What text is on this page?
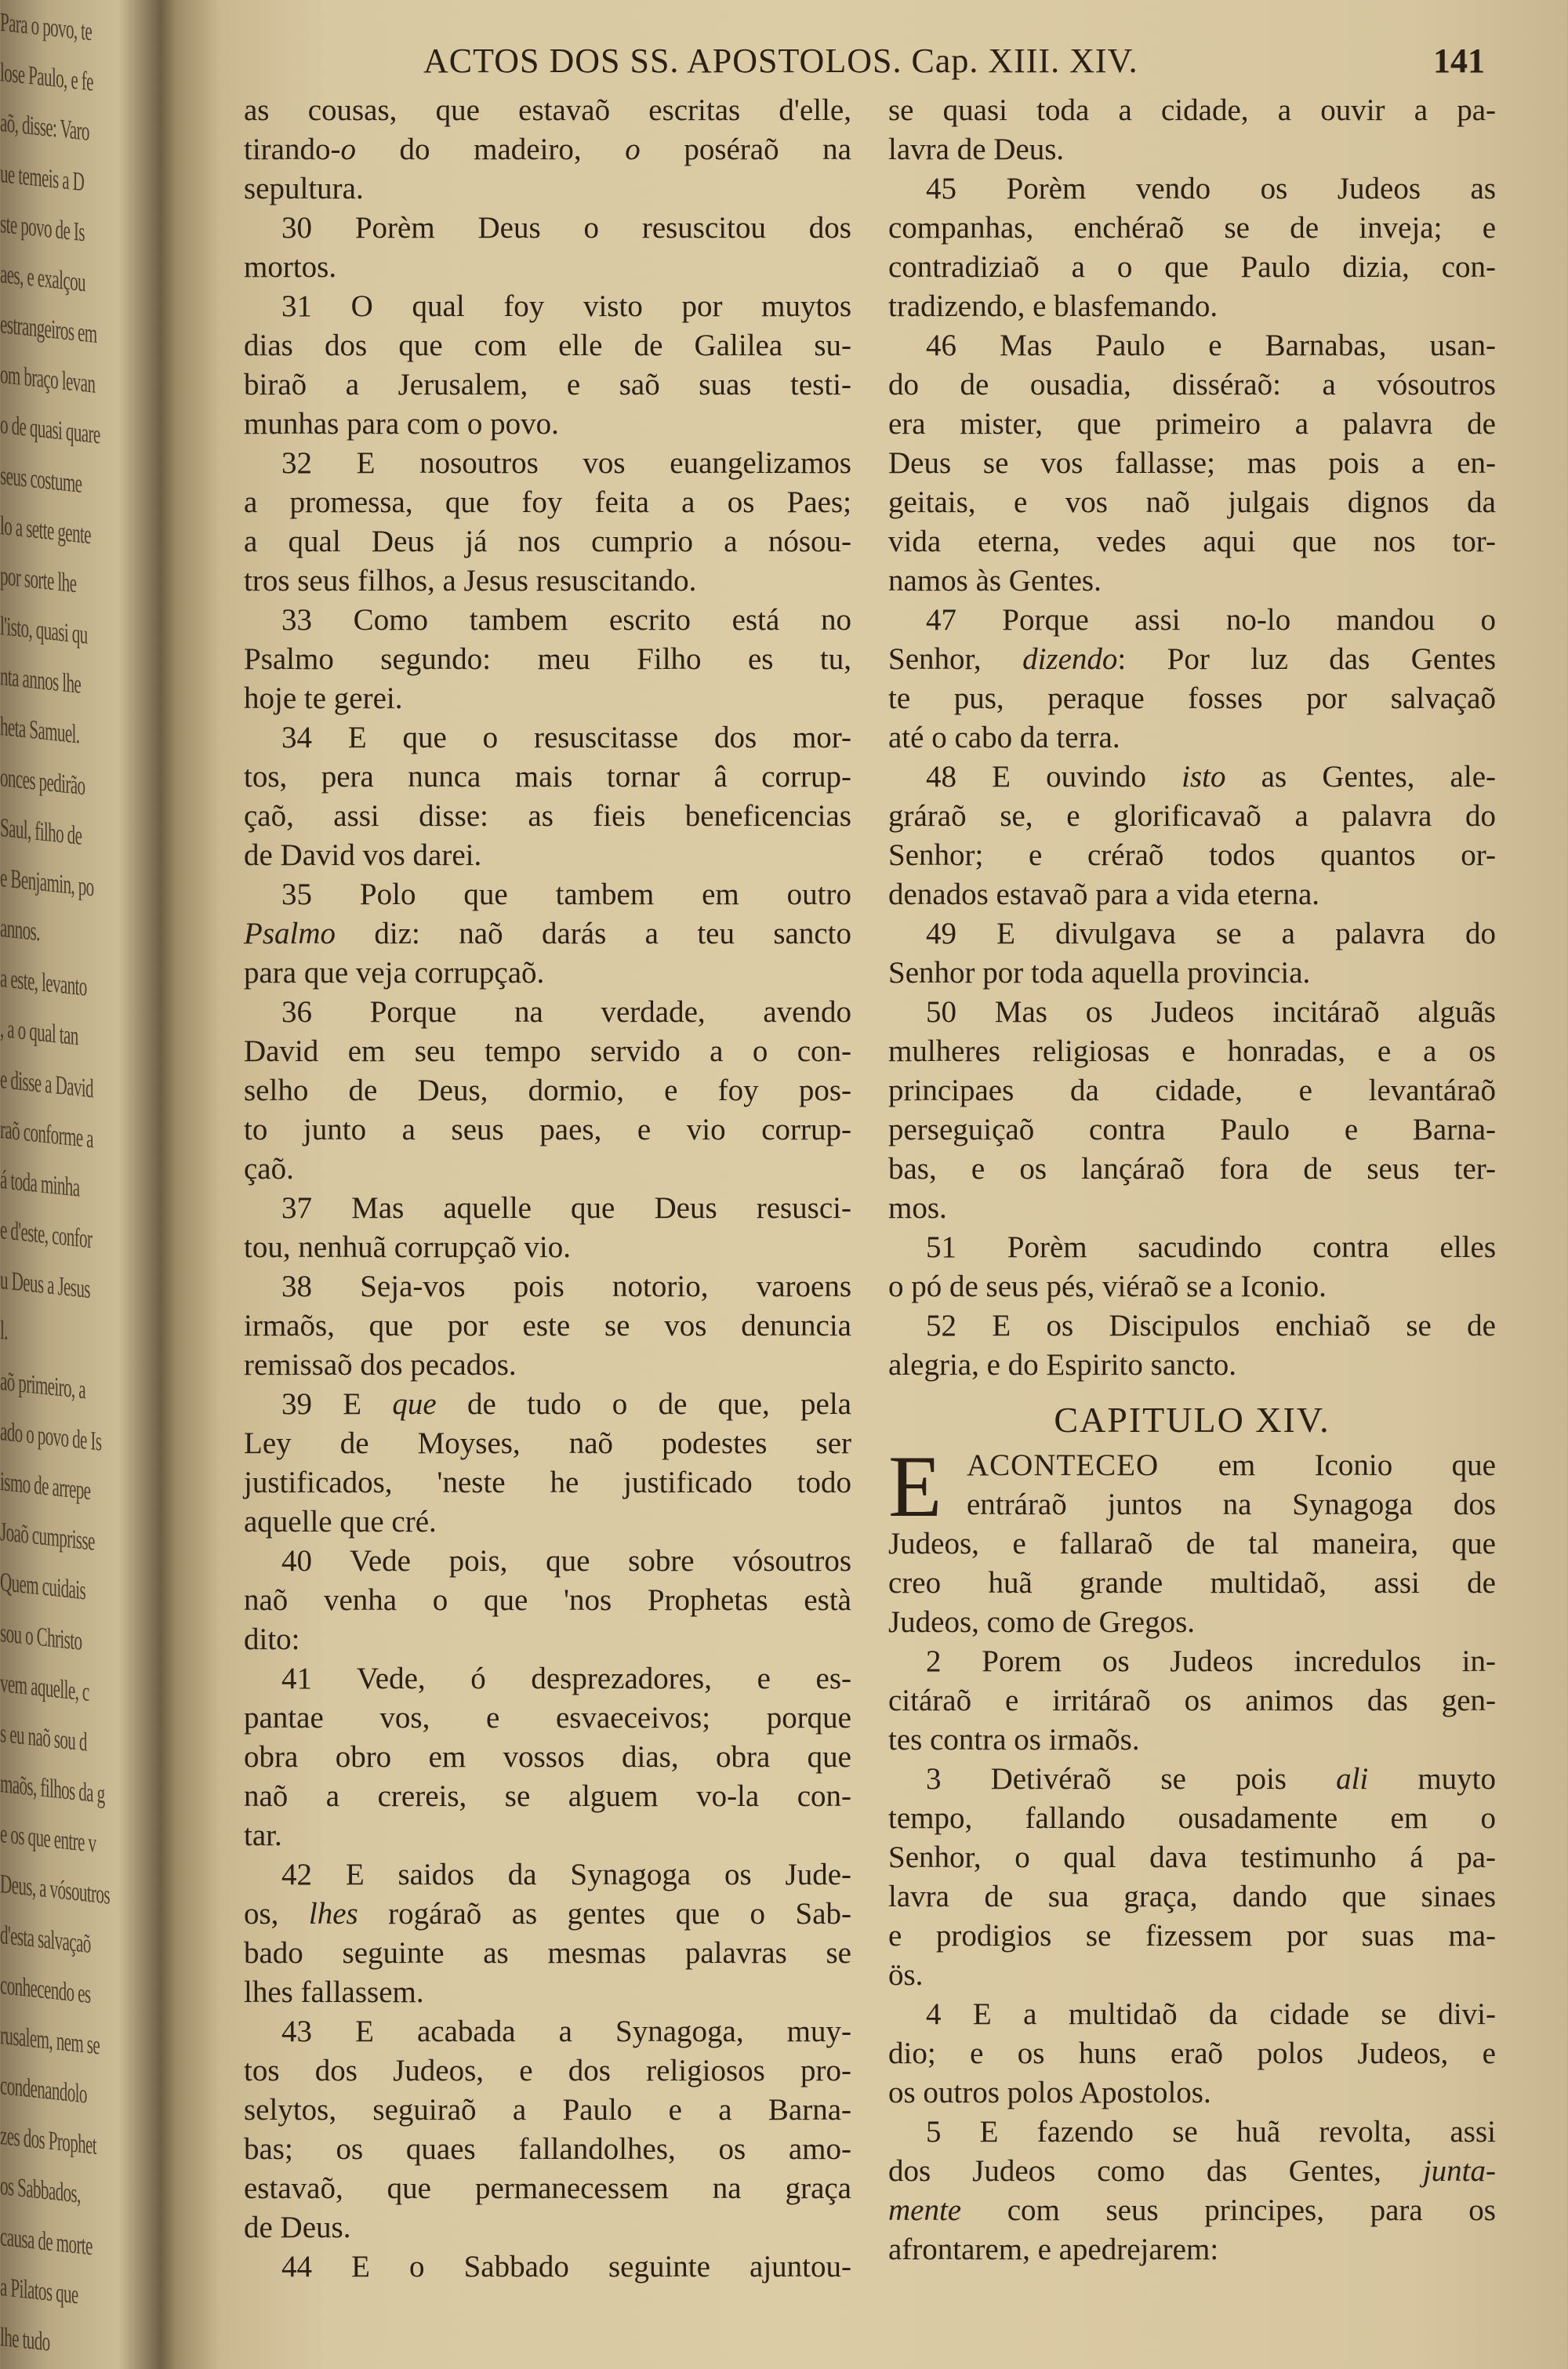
Para o povo, te
lose Paulo, e fe
aõ, disse: Varo
ue temeis a D
ste povo de Is
aes, e exalçou
estrangeiros em
om braço levan
o de quasi quare
seus costume
lo a sette gente
por sorte lhe
l'isto, quasi qu
nta annos lhe
heta Samuel.
onces pedirão
Saul, filho de
e Benjamin, po
annos.
a este, levanto
, a o qual tan
e disse a David
raõ conforme a
á toda minha
e d'este, confor
u Deus a Jesus
l.
aõ primeiro, a
ado o povo de Is
ismo de arrepe
Joaõ cumprisse
Quem cuidais
sou o Christo
vem aquelle, c
s eu naõ sou d
maõs, filhos da g
e os que entre v
Deus, a vósoutros
d'esta salvaçaõ
conhecendo es
rusalem, nem se
condenandolo
zes dos Prophet
os Sabbados,
causa de morte
a Pilatos que
lhe tudo
ACTOS DOS SS. APOSTOLOS. Cap. XIII. XIV.	141
as cousas, que estavaõ escritas d'elle,
tirando-o do madeiro, o poséraõ na
sepultura.
30 Porèm Deus o resuscitou dos
mortos.
31 O qual foy visto por muytos
dias dos que com elle de Galilea su-
biraõ a Jerusalem, e saõ suas testi-
munhas para com o povo.
32 E nosoutros vos euangelizamos
a promessa, que foy feita a os Paes;
a qual Deus já nos cumprio a nósou-
tros seus filhos, a Jesus resuscitando.
33 Como tambem escrito está no
Psalmo segundo: meu Filho es tu,
hoje te gerei.
34 E que o resuscitasse dos mor-
tos, pera nunca mais tornar â corrup-
çaõ, assi disse: as fieis beneficencias
de David vos darei.
35 Polo que tambem em outro
Psalmo diz: naõ darás a teu sancto
para que veja corrupçaõ.
36 Porque na verdade, avendo
David em seu tempo servido a o con-
selho de Deus, dormio, e foy pos-
to junto a seus paes, e vio corrup-
çaõ.
37 Mas aquelle que Deus resusci-
tou, nenhuã corrupçaõ vio.
38 Seja-vos pois notorio, varoens
irmaõs, que por este se vos denuncia
remissaõ dos pecados.
39 E que de tudo o de que, pela
Ley de Moyses, naõ podestes ser
justificados, 'neste he justificado todo
aquelle que cré.
40 Vede pois, que sobre vósoutros
naõ venha o que 'nos Prophetas està
dito:
41 Vede, ó desprezadores, e es-
pantae vos, e esvaeceivos; porque
obra obro em vossos dias, obra que
naõ a crereis, se alguem vo-la con-
tar.
42 E saidos da Synagoga os Jude-
os, lhes rogáraõ as gentes que o Sab-
bado seguinte as mesmas palavras se
lhes fallassem.
43 E acabada a Synagoga, muy-
tos dos Judeos, e dos religiosos pro-
selytos, seguiraõ a Paulo e a Barna-
bas; os quaes fallandolhes, os amo-
estavaõ, que permanecessem na graça
de Deus.
44 E o Sabbado seguinte ajuntou-
se quasi toda a cidade, a ouvir a pa-
lavra de Deus.
45 Porèm vendo os Judeos as
companhas, enchéraõ se de inveja; e
contradiziaõ a o que Paulo dizia, con-
tradizendo, e blasfemando.
46 Mas Paulo e Barnabas, usan-
do de ousadia, disséraõ: a vósoutros
era mister, que primeiro a palavra de
Deus se vos fallasse; mas pois a en-
geitais, e vos naõ julgais dignos da
vida eterna, vedes aqui que nos tor-
namos às Gentes.
47 Porque assi no-lo mandou o
Senhor, dizendo: Por luz das Gentes
te pus, peraque fosses por salvaçaõ
até o cabo da terra.
48 E ouvindo isto as Gentes, ale-
gráraõ se, e glorificavaõ a palavra do
Senhor; e créraõ todos quantos or-
denados estavaõ para a vida eterna.
49 E divulgava se a palavra do
Senhor por toda aquella provincia.
50 Mas os Judeos incitáraõ alguãs
mulheres religiosas e honradas, e a os
principaes da cidade, e levantáraõ
perseguiçaõ contra Paulo e Barna-
bas, e os lançáraõ fora de seus ter-
mos.
51 Porèm sacudindo contra elles
o pó de seus pés, viéraõ se a Iconio.
52 E os Discipulos enchiaõ se de
alegria, e do Espirito sancto.
CAPITULO XIV.
E ACONTECEO em Iconio que
entráraõ juntos na Synagoga dos
Judeos, e fallaraõ de tal maneira, que
creo huã grande multidaõ, assi de
Judeos, como de Gregos.
2 Porem os Judeos incredulos in-
citáraõ e irritáraõ os animos das gen-
tes contra os irmaõs.
3 Detivéraõ se pois ali muyto
tempo, fallando ousadamente em o
Senhor, o qual dava testimunho á pa-
lavra de sua graça, dando que sinaes
e prodigios se fizessem por suas ma-
ös.
4 E a multidaõ da cidade se divi-
dio; e os huns eraõ polos Judeos, e
os outros polos Apostolos.
5 E fazendo se huã revolta, assi
dos Judeos como das Gentes, junta-
mente com seus principes, para os
afrontarem, e apedrejarem:
